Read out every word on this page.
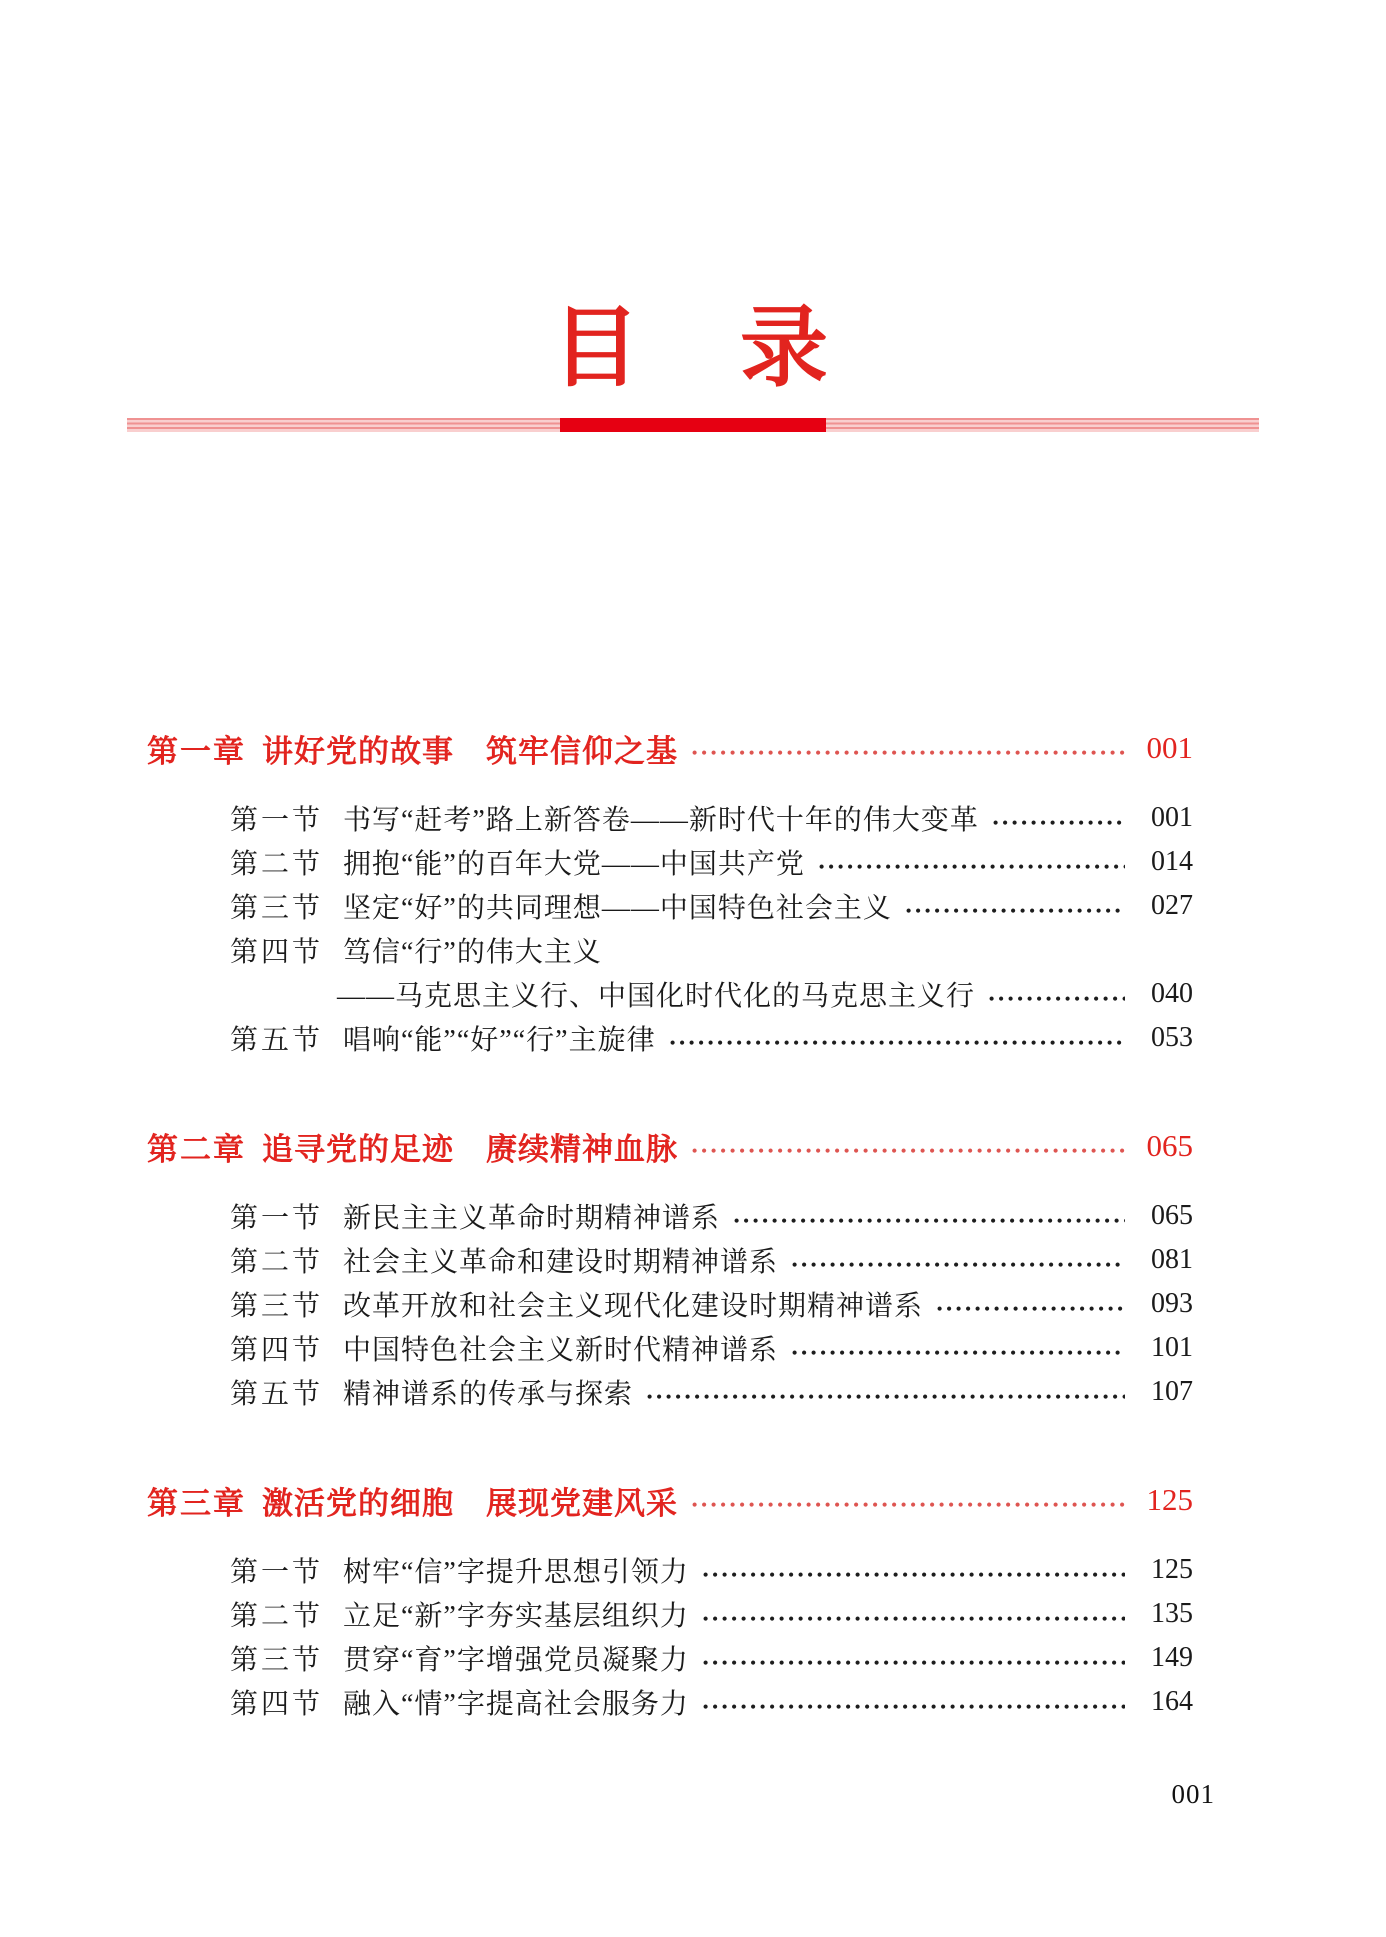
目　录
第一章 讲好党的故事　筑牢信仰之基	001
第一节 书写“赶考”路上新答卷——新时代十年的伟大变革	001
第二节 拥抱“能”的百年大党——中国共产党	014
第三节 坚定“好”的共同理想——中国特色社会主义	027
第四节 笃信“行”的伟大主义
——马克思主义行、中国化时代化的马克思主义行	040
第五节 唱响“能”“好”“行”主旋律	053
第二章 追寻党的足迹　赓续精神血脉	065
第一节 新民主主义革命时期精神谱系	065
第二节 社会主义革命和建设时期精神谱系	081
第三节 改革开放和社会主义现代化建设时期精神谱系	093
第四节 中国特色社会主义新时代精神谱系	101
第五节 精神谱系的传承与探索	107
第三章 激活党的细胞　展现党建风采	125
第一节 树牢“信”字提升思想引领力	125
第二节 立足“新”字夯实基层组织力	135
第三节 贯穿“育”字增强党员凝聚力	149
第四节 融入“情”字提高社会服务力	164
001
